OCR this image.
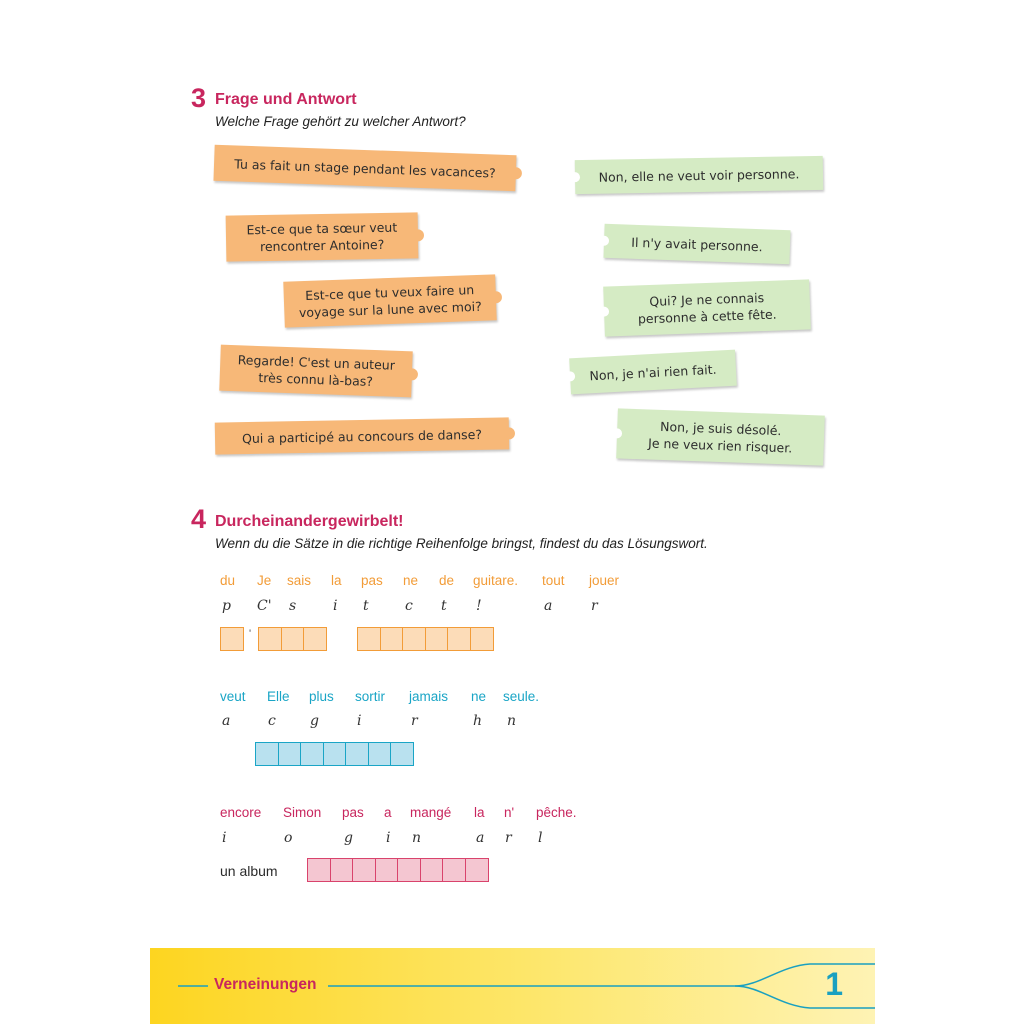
3 Frage und Antwort
Welche Frage gehört zu welcher Antwort?
Tu as fait un stage pendant les vacances?
Est-ce que ta sœur veut
rencontrer Antoine?
Est-ce que tu veux faire un
voyage sur la lune avec moi?
Regarde! C'est un auteur
très connu là-bas?
Qui a participé au concours de danse?
Non, elle ne veut voir personne.
Il n'y avait personne.
Qui? Je ne connais
personne à cette fête.
Non, je n'ai rien fait.
Non, je suis désolé.
Je ne veux rien risquer.
4 Durcheinandergewirbelt!
Wenn du die Sätze in die richtige Reihenfolge bringst, findest du das Lösungswort.
du Je sais la pas ne de guitare. tout jouer
p C' s	i t	c t !	a	r
'
veut Elle plus sortir jamais ne seule.
a	c g	i	r	h n
encore Simon pas a mangé la n' pêche.
i	o	g i n	a r l
un album
Verneinungen	1
